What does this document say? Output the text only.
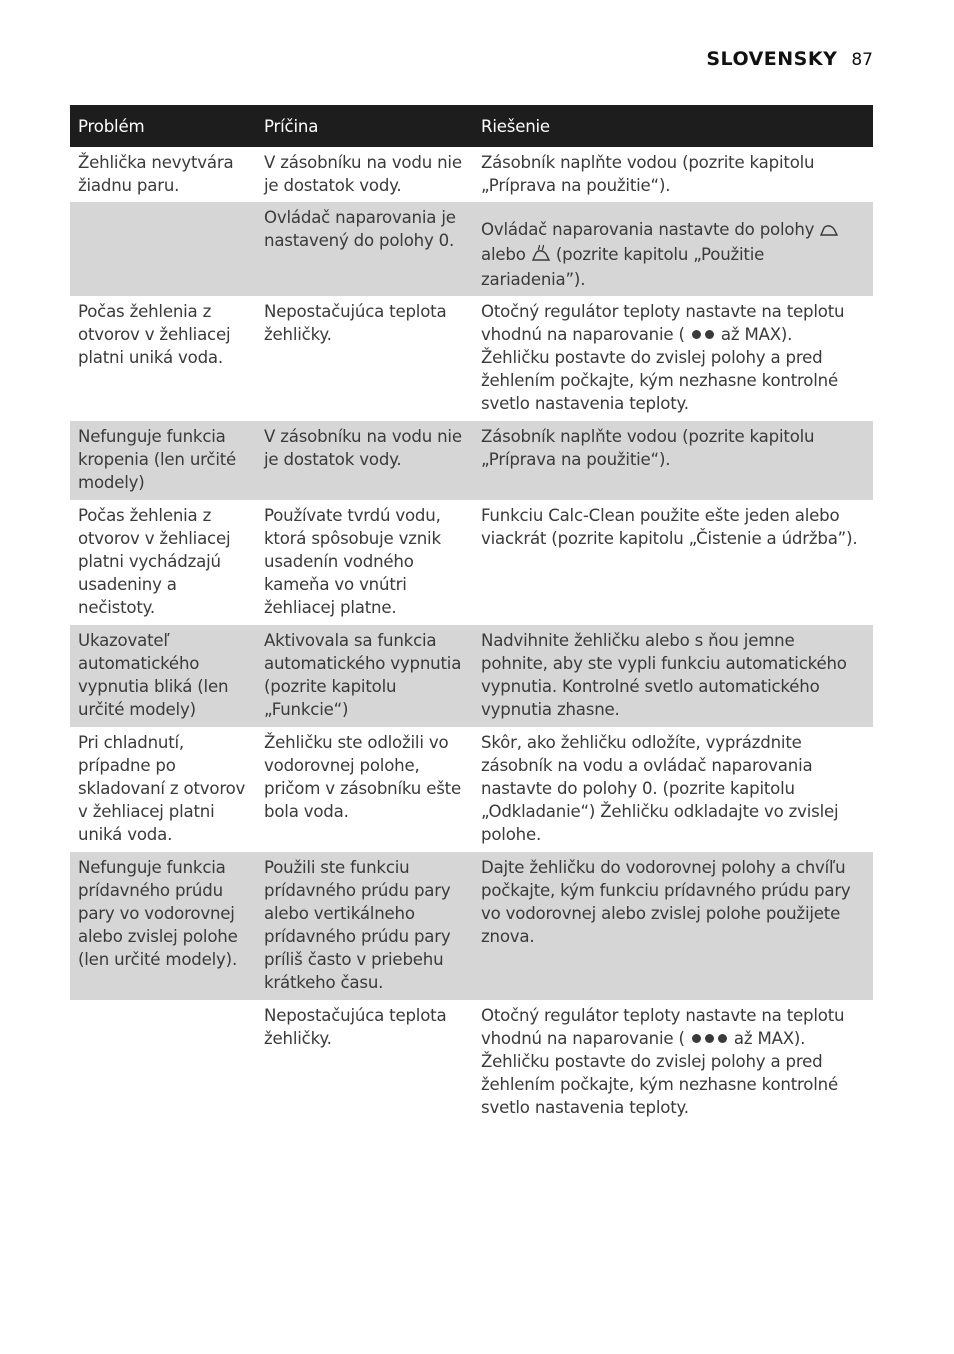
SLOVENSKY 87
Problém	Príčina	Riešenie
Žehlička nevytvára žiadnu paru.	V zásobníku na vodu nie je dostatok vody.	Zásobník naplňte vodou (pozrite kapitolu „Príprava na použitie“).
	Ovládač naparovania je nastavený do polohy 0.	Ovládač naparovania nastavte do polohy  alebo (pozrite kapitolu „Použitie zariadenia”).
Počas žehlenia z otvorov v žehliacej platni uniká voda.	Nepostačujúca teplota žehličky.	Otočný regulátor teploty nastavte na teplotu vhodnú na naparovanie ( až MAX). Žehličku postavte do zvislej polohy a pred žehlením počkajte, kým nezhasne kontrolné svetlo nastavenia teploty.
Nefunguje funkcia kropenia (len určité modely)	V zásobníku na vodu nie je dostatok vody.	Zásobník naplňte vodou (pozrite kapitolu „Príprava na použitie“).
Počas žehlenia z otvorov v žehliacej platni vychádzajú usadeniny a nečistoty.	Používate tvrdú vodu, ktorá spôsobuje vznik usadenín vodného kameňa vo vnútri žehliacej platne.	Funkciu Calc-Clean použite ešte jeden alebo viackrát (pozrite kapitolu „Čistenie a údržba”).
Ukazovateľ automatického vypnutia bliká (len určité modely)	Aktivovala sa funkcia automatického vypnutia (pozrite kapitolu „Funkcie“)	Nadvihnite žehličku alebo s ňou jemne pohnite, aby ste vypli funkciu automatického vypnutia. Kontrolné svetlo automatického vypnutia zhasne.
Pri chladnutí, prípadne po skladovaní z otvorov v žehliacej platni uniká voda.	Žehličku ste odložili vo vodorovnej polohe, pričom v zásobníku ešte bola voda.	Skôr, ako žehličku odložíte, vyprázdnite zásobník na vodu a ovládač naparovania nastavte do polohy 0. (pozrite kapitolu „Odkladanie“) Žehličku odkladajte vo zvislej polohe.
Nefunguje funkcia prídavného prúdu pary vo vodorovnej alebo zvislej polohe (len určité modely).	Použili ste funkciu prídavného prúdu pary alebo vertikálneho prídavného prúdu pary príliš často v priebehu krátkeho času.	Dajte žehličku do vodorovnej polohy a chvíľu počkajte, kým funkciu prídavného prúdu pary vo vodorovnej alebo zvislej polohe použijete znova.
	Nepostačujúca teplota žehličky.	Otočný regulátor teploty nastavte na teplotu vhodnú na naparovanie ( až MAX). Žehličku postavte do zvislej polohy a pred žehlením počkajte, kým nezhasne kontrolné svetlo nastavenia teploty.
